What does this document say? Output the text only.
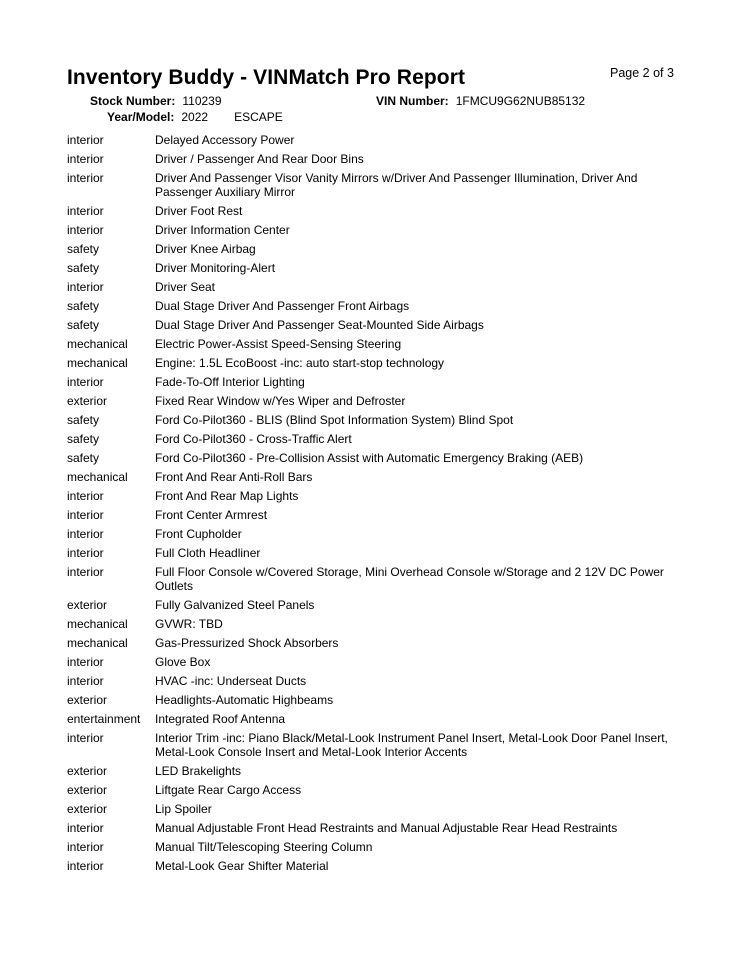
Inventory Buddy - VINMatch Pro Report	Page 2 of 3
Stock Number: 110239	VIN Number: 1FMCU9G62NUB85132
Year/Model: 2022 ESCAPE
interior	Delayed Accessory Power
interior	Driver / Passenger And Rear Door Bins
interior	Driver And Passenger Visor Vanity Mirrors w/Driver And Passenger Illumination, Driver And Passenger Auxiliary Mirror
interior	Driver Foot Rest
interior	Driver Information Center
safety	Driver Knee Airbag
safety	Driver Monitoring-Alert
interior	Driver Seat
safety	Dual Stage Driver And Passenger Front Airbags
safety	Dual Stage Driver And Passenger Seat-Mounted Side Airbags
mechanical	Electric Power-Assist Speed-Sensing Steering
mechanical	Engine: 1.5L EcoBoost -inc: auto start-stop technology
interior	Fade-To-Off Interior Lighting
exterior	Fixed Rear Window w/Yes Wiper and Defroster
safety	Ford Co-Pilot360 - BLIS (Blind Spot Information System) Blind Spot
safety	Ford Co-Pilot360 - Cross-Traffic Alert
safety	Ford Co-Pilot360 - Pre-Collision Assist with Automatic Emergency Braking (AEB)
mechanical	Front And Rear Anti-Roll Bars
interior	Front And Rear Map Lights
interior	Front Center Armrest
interior	Front Cupholder
interior	Full Cloth Headliner
interior	Full Floor Console w/Covered Storage, Mini Overhead Console w/Storage and 2 12V DC Power Outlets
exterior	Fully Galvanized Steel Panels
mechanical	GVWR: TBD
mechanical	Gas-Pressurized Shock Absorbers
interior	Glove Box
interior	HVAC -inc: Underseat Ducts
exterior	Headlights-Automatic Highbeams
entertainment	Integrated Roof Antenna
interior	Interior Trim -inc: Piano Black/Metal-Look Instrument Panel Insert, Metal-Look Door Panel Insert, Metal-Look Console Insert and Metal-Look Interior Accents
exterior	LED Brakelights
exterior	Liftgate Rear Cargo Access
exterior	Lip Spoiler
interior	Manual Adjustable Front Head Restraints and Manual Adjustable Rear Head Restraints
interior	Manual Tilt/Telescoping Steering Column
interior	Metal-Look Gear Shifter Material
